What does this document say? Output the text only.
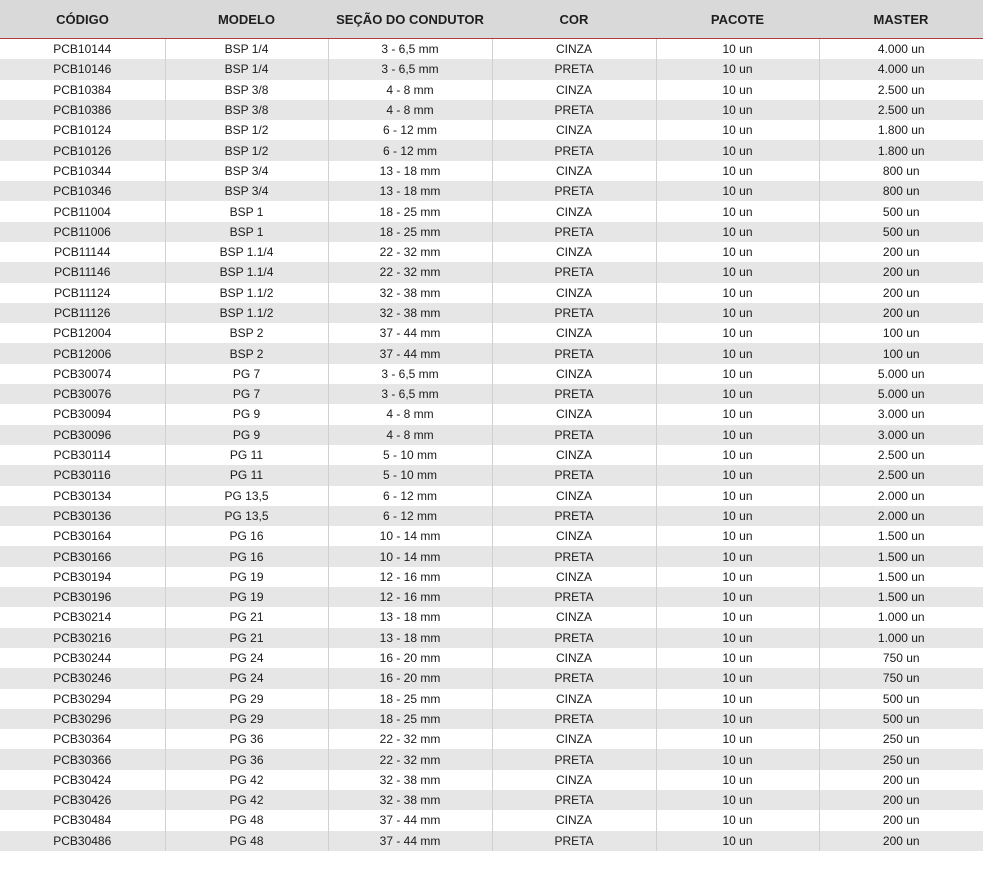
CÓDIGO	MODELO	SEÇÃO DO CONDUTOR	COR	PACOTE	MASTER
PCB10144	BSP 1/4	3 - 6,5 mm	CINZA	10 un	4.000 un
PCB10146	BSP 1/4	3 - 6,5 mm	PRETA	10 un	4.000 un
PCB10384	BSP 3/8	4 - 8 mm	CINZA	10 un	2.500 un
PCB10386	BSP 3/8	4 - 8 mm	PRETA	10 un	2.500 un
PCB10124	BSP 1/2	6 - 12 mm	CINZA	10 un	1.800 un
PCB10126	BSP 1/2	6 - 12 mm	PRETA	10 un	1.800 un
PCB10344	BSP 3/4	13 - 18 mm	CINZA	10 un	800 un
PCB10346	BSP 3/4	13 - 18 mm	PRETA	10 un	800 un
PCB11004	BSP 1	18 - 25 mm	CINZA	10 un	500 un
PCB11006	BSP 1	18 - 25 mm	PRETA	10 un	500 un
PCB11144	BSP 1.1/4	22 - 32 mm	CINZA	10 un	200 un
PCB11146	BSP 1.1/4	22 - 32 mm	PRETA	10 un	200 un
PCB11124	BSP 1.1/2	32 - 38 mm	CINZA	10 un	200 un
PCB11126	BSP 1.1/2	32 - 38 mm	PRETA	10 un	200 un
PCB12004	BSP 2	37 - 44 mm	CINZA	10 un	100 un
PCB12006	BSP 2	37 - 44 mm	PRETA	10 un	100 un
PCB30074	PG 7	3 - 6,5 mm	CINZA	10 un	5.000 un
PCB30076	PG 7	3 - 6,5 mm	PRETA	10 un	5.000 un
PCB30094	PG 9	4 - 8 mm	CINZA	10 un	3.000 un
PCB30096	PG 9	4 - 8 mm	PRETA	10 un	3.000 un
PCB30114	PG 11	5 - 10 mm	CINZA	10 un	2.500 un
PCB30116	PG 11	5 - 10 mm	PRETA	10 un	2.500 un
PCB30134	PG 13,5	6 - 12 mm	CINZA	10 un	2.000 un
PCB30136	PG 13,5	6 - 12 mm	PRETA	10 un	2.000 un
PCB30164	PG 16	10 - 14 mm	CINZA	10 un	1.500 un
PCB30166	PG 16	10 - 14 mm	PRETA	10 un	1.500 un
PCB30194	PG 19	12 - 16 mm	CINZA	10 un	1.500 un
PCB30196	PG 19	12 - 16 mm	PRETA	10 un	1.500 un
PCB30214	PG 21	13 - 18 mm	CINZA	10 un	1.000 un
PCB30216	PG 21	13 - 18 mm	PRETA	10 un	1.000 un
PCB30244	PG 24	16 - 20 mm	CINZA	10 un	750 un
PCB30246	PG 24	16 - 20 mm	PRETA	10 un	750 un
PCB30294	PG 29	18 - 25 mm	CINZA	10 un	500 un
PCB30296	PG 29	18 - 25 mm	PRETA	10 un	500 un
PCB30364	PG 36	22 - 32 mm	CINZA	10 un	250 un
PCB30366	PG 36	22 - 32 mm	PRETA	10 un	250 un
PCB30424	PG 42	32 - 38 mm	CINZA	10 un	200 un
PCB30426	PG 42	32 - 38 mm	PRETA	10 un	200 un
PCB30484	PG 48	37 - 44 mm	CINZA	10 un	200 un
PCB30486	PG 48	37 - 44 mm	PRETA	10 un	200 un
